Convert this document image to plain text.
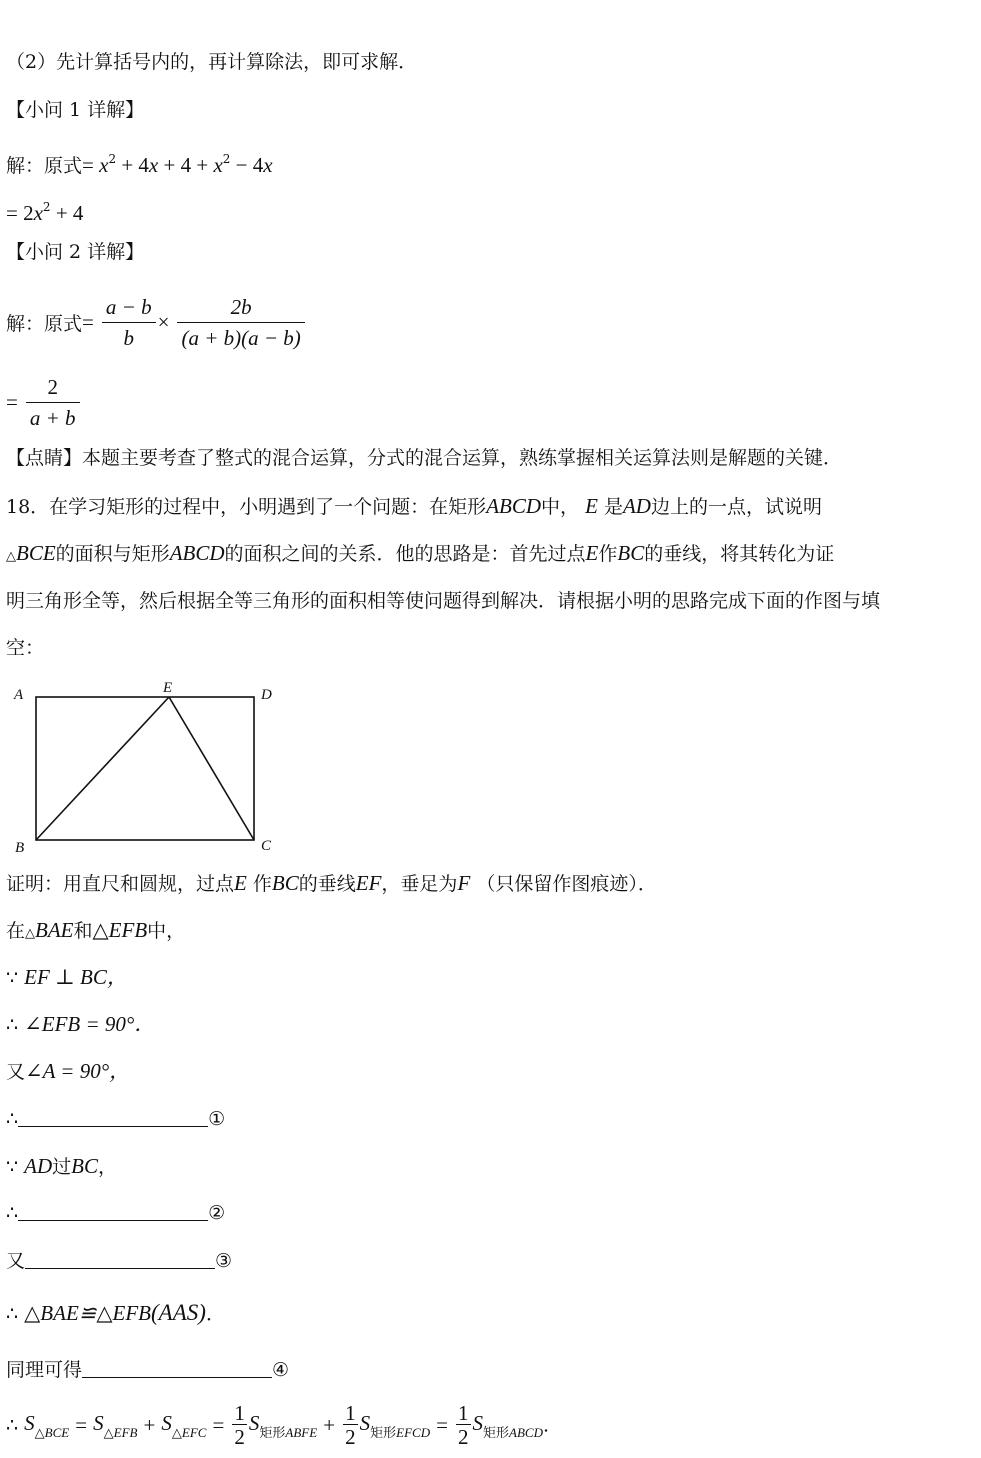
（2）先计算括号内的，再计算除法，即可求解．
【小问 1 详解】
解：原式= $x^2 + 4x + 4 + x^2 - 4x$
= $2x^2 + 4$
【小问 2 详解】
解：原式= $\frac{a - b}{b} \times \frac{2b}{(a + b)(a - b)}$
= $\frac{2}{a + b}$
【点睛】本题主要考查了整式的混合运算，分式的混合运算，熟练掌握相关运算法则是解题的关键．
18．在学习矩形的过程中，小明遇到了一个问题：在矩形ABCD中， E 是AD边上的一点，试说明
△BCE的面积与矩形ABCD的面积之间的关系．他的思路是：首先过点E作BC的垂线，将其转化为证
明三角形全等，然后根据全等三角形的面积相等使问题得到解决．请根据小明的思路完成下面的作图与填
空：
A	E	D
B	C
证明：用直尺和圆规，过点E 作BC的垂线EF，垂足为F （只保留作图痕迹）．
在△BAE和△EFB中，
∵ EF ⊥ BC，
∴ ∠EFB = 90°．
又∠A = 90°，
∴	①
∵ AD过BC，
∴	②
又	③
∴ △BAE≌△EFB(AAS)．
同理可得	④
∴ $S_{\triangle BCE} = S_{\triangle EFB} + S_{\triangle EFC} = \frac{1}{2} S_{矩形ABFE} + \frac{1}{2} S_{矩形EFCD} = \frac{1}{2} S_{矩形ABCD}$.
